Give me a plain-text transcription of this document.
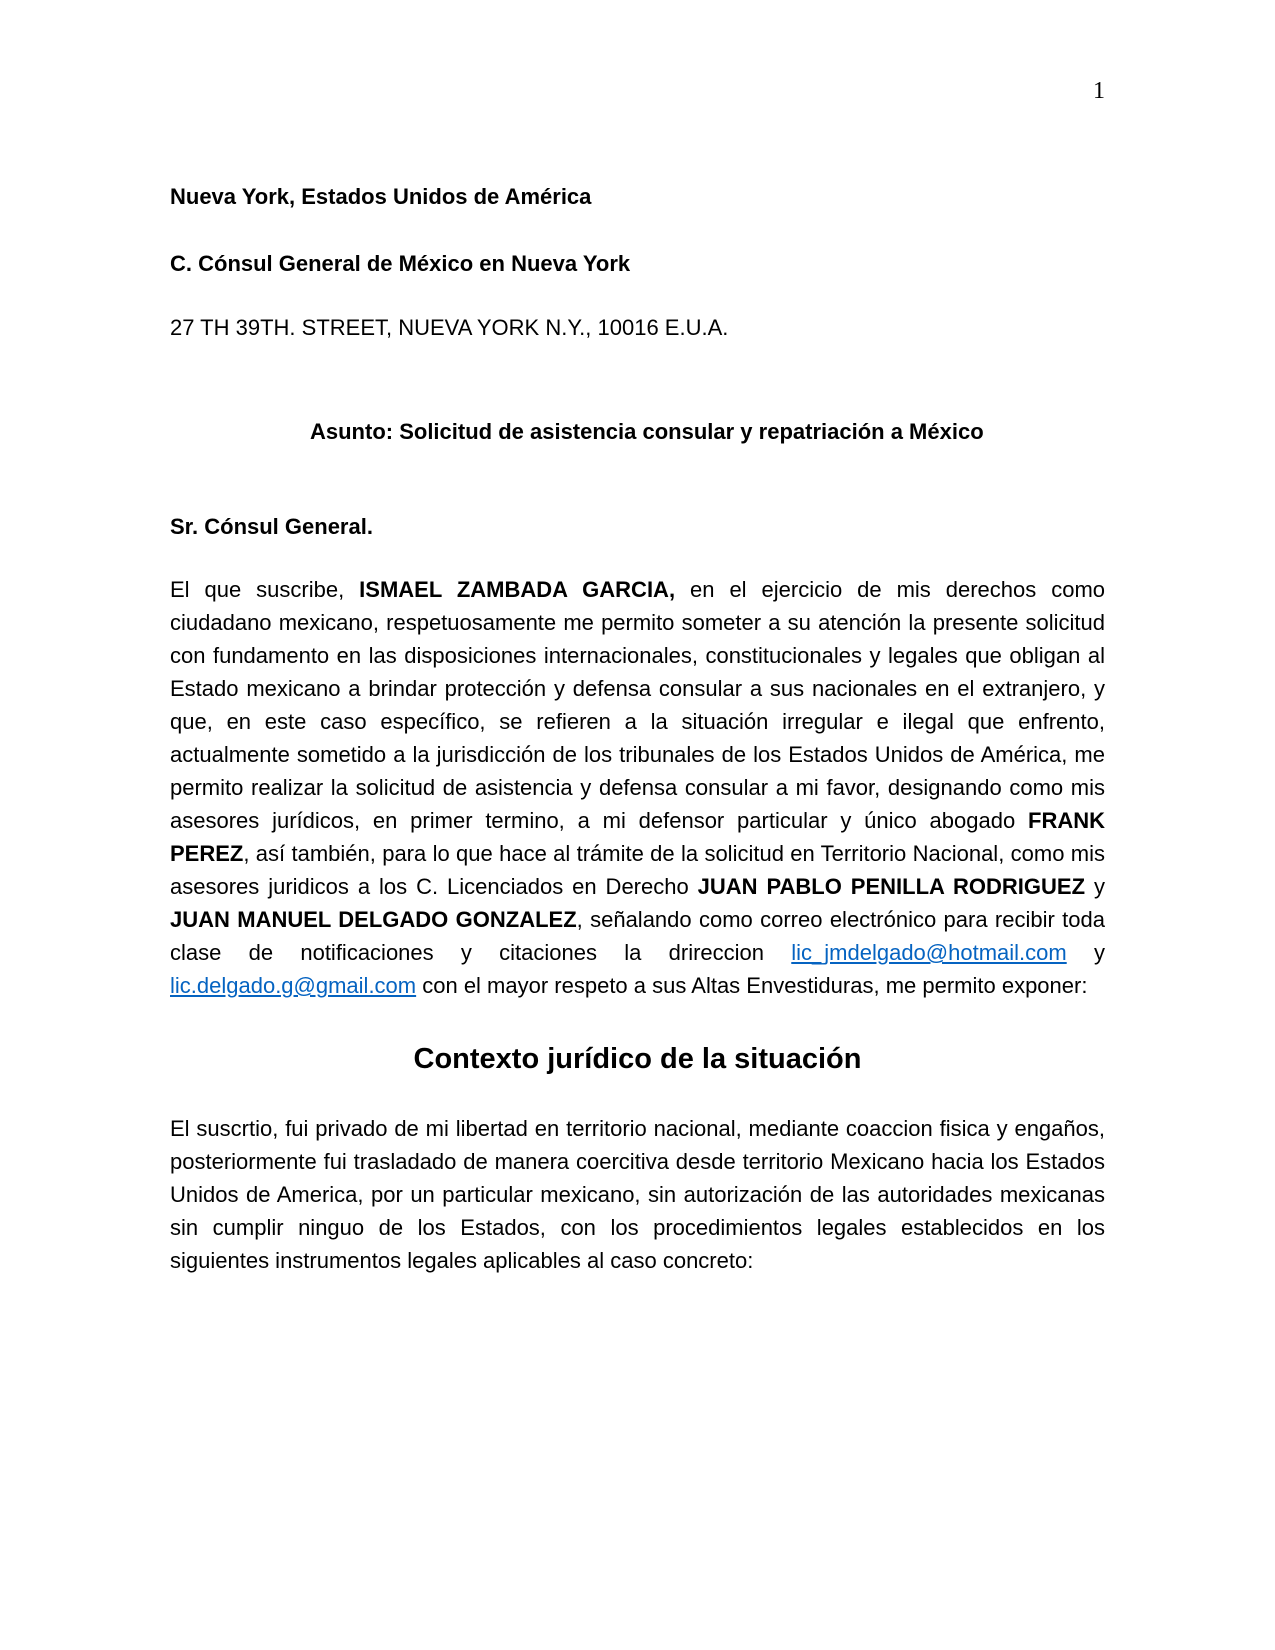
1

Nueva York, Estados Unidos de América

C. Cónsul General de México en Nueva York

27 TH 39TH. STREET, NUEVA YORK N.Y., 10016 E.U.A.

Asunto: Solicitud de asistencia consular y repatriación a México

Sr. Cónsul General.

El que suscribe, ISMAEL ZAMBADA GARCIA, en el ejercicio de mis derechos como ciudadano mexicano, respetuosamente me permito someter a su atención la presente solicitud con fundamento en las disposiciones internacionales, constitucionales y legales que obligan al Estado mexicano a brindar protección y defensa consular a sus nacionales en el extranjero, y que, en este caso específico, se refieren a la situación irregular e ilegal que enfrento, actualmente sometido a la jurisdicción de los tribunales de los Estados Unidos de América, me permito realizar la solicitud de asistencia y defensa consular a mi favor, designando como mis asesores jurídicos, en primer termino, a mi defensor particular y único abogado FRANK PEREZ, así también, para lo que hace al trámite de la solicitud en Territorio Nacional, como mis asesores juridicos a los C. Licenciados en Derecho JUAN PABLO PENILLA RODRIGUEZ y JUAN MANUEL DELGADO GONZALEZ, señalando como correo electrónico para recibir toda clase de notificaciones y citaciones la drireccion lic_jmdelgado@hotmail.com y lic.delgado.g@gmail.com con el mayor respeto a sus Altas Envestiduras, me permito exponer:

Contexto jurídico de la situación

El suscrtio, fui privado de mi libertad en territorio nacional, mediante coaccion fisica y engaños, posteriormente fui trasladado de manera coercitiva desde territorio Mexicano hacia los Estados Unidos de America, por un particular mexicano, sin autorización de las autoridades mexicanas sin cumplir ninguo de los Estados, con los procedimientos legales establecidos en los siguientes instrumentos legales aplicables al caso concreto:
